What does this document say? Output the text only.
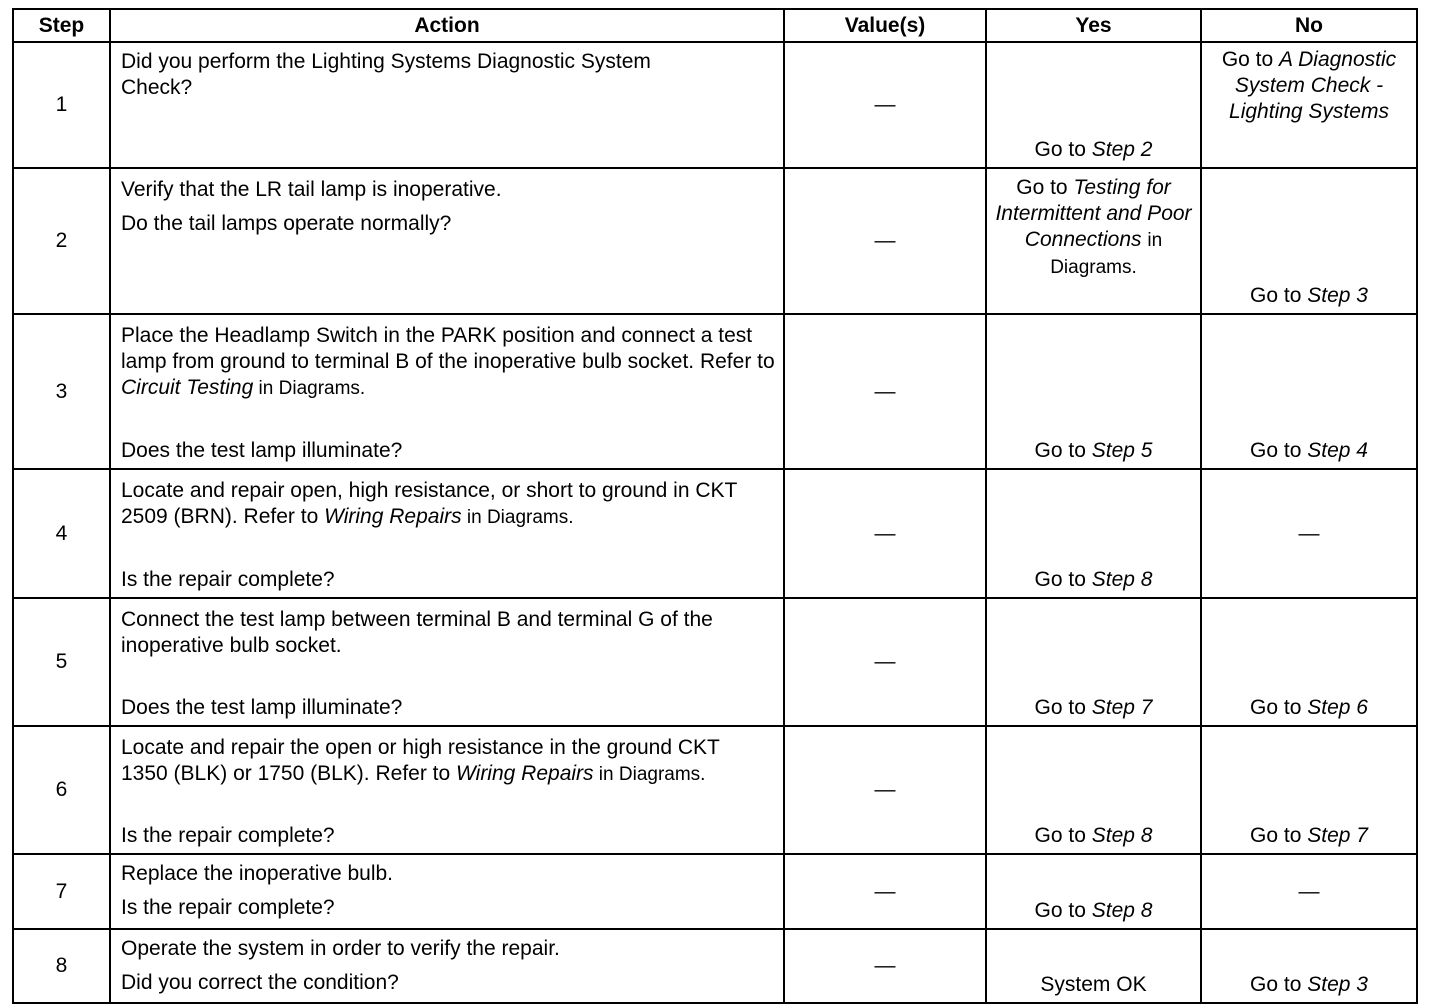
Step	Action	Value(s)	Yes	No
1	Did you perform the Lighting Systems Diagnostic System Check?	—	Go to Step 2	Go to A Diagnostic System Check - Lighting Systems

2	Verify that the LR tail lamp is inoperative.
Do the tail lamps operate normally?	—	Go to Testing for Intermittent and Poor Connections in Diagrams.	Go to Step 3

3	Place the Headlamp Switch in the PARK position and connect a test lamp from ground to terminal B of the inoperative bulb socket. Refer to Circuit Testing in Diagrams.
Does the test lamp illuminate?	—	Go to Step 5	Go to Step 4

4	Locate and repair open, high resistance, or short to ground in CKT 2509 (BRN). Refer to Wiring Repairs in Diagrams.
Is the repair complete?	—	Go to Step 8	—
5	Connect the test lamp between terminal B and terminal G of the inoperative bulb socket.
Does the test lamp illuminate?	—	Go to Step 7	Go to Step 6

6	Locate and repair the open or high resistance in the ground CKT 1350 (BLK) or 1750 (BLK). Refer to Wiring Repairs in Diagrams.
Is the repair complete?	—	Go to Step 8	Go to Step 7

7	Replace the inoperative bulb.
Is the repair complete?	—	Go to Step 8	—
8	Operate the system in order to verify the repair.
Did you correct the condition?	—	System OK	Go to Step 3
